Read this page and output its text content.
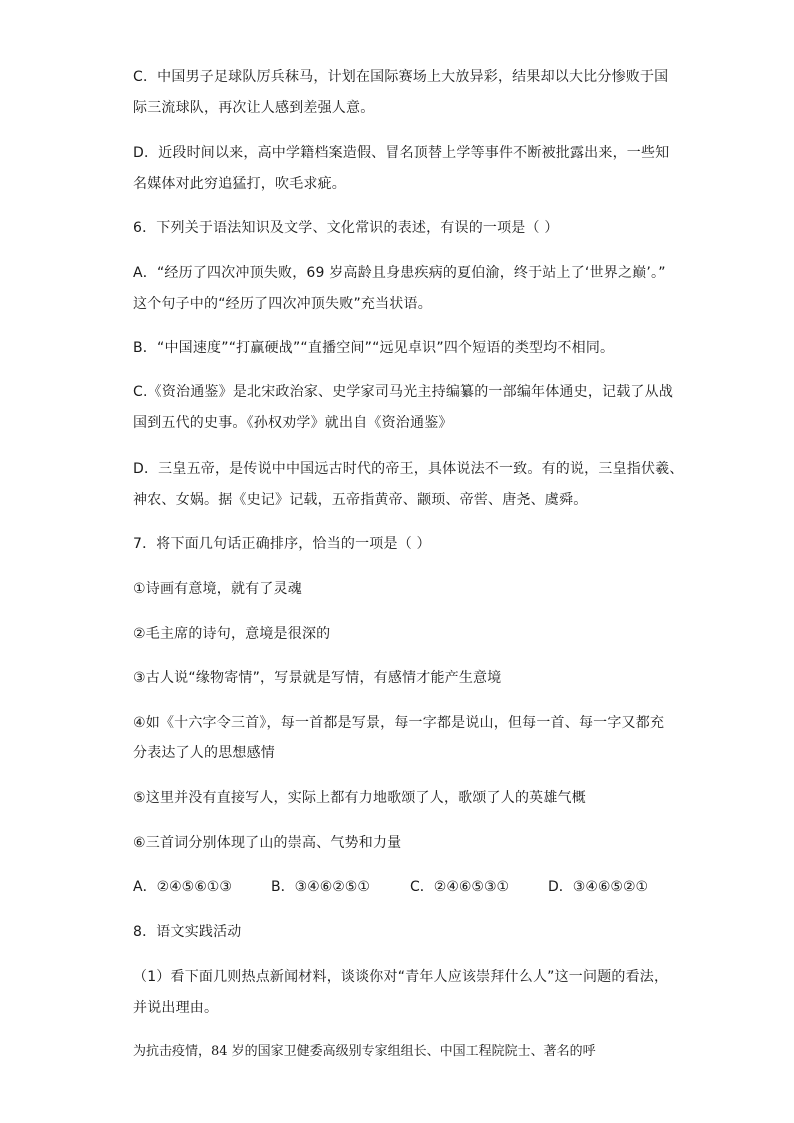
C．中国男子足球队厉兵秣马，计划在国际赛场上大放异彩，结果却以大比分惨败于国
际三流球队，再次让人感到差强人意。
D．近段时间以来，高中学籍档案造假、冒名顶替上学等事件不断被批露出来，一些知
名媒体对此穷追猛打，吹毛求疵。
6．下列关于语法知识及文学、文化常识的表述，有误的一项是（ ）
A．“经历了四次冲顶失败，69 岁高龄且身患疾病的夏伯渝，终于站上了‘世界之巅’。”
这个句子中的“经历了四次冲顶失败”充当状语。
B．“中国速度”“打赢硬战”“直播空间”“远见卓识”四个短语的类型均不相同。
C.《资治通鉴》是北宋政治家、史学家司马光主持编纂的一部编年体通史，记载了从战
国到五代的史事。《孙权劝学》就出自《资治通鉴》
D．三皇五帝，是传说中中国远古时代的帝王，具体说法不一致。有的说，三皇指伏羲、
神农、女娲。据《史记》记载，五帝指黄帝、颛顼、帝喾、唐尧、虞舜。
7．将下面几句话正确排序，恰当的一项是（ ）
①诗画有意境，就有了灵魂
②毛主席的诗句，意境是很深的
③古人说“缘物寄情”，写景就是写情，有感情才能产生意境
④如《十六字令三首》，每一首都是写景，每一字都是说山，但每一首、每一字又都充
分表达了人的思想感情
⑤这里并没有直接写人，实际上都有力地歌颂了人，歌颂了人的英雄气概
⑥三首词分别体现了山的崇高、气势和力量
A．②④⑤⑥①③	B．③④⑥②⑤①	C．②④⑥⑤③①	D．③④⑥⑤②①
8．语文实践活动
（1）看下面几则热点新闻材料，谈谈你对“青年人应该崇拜什么人”这一问题的看法，
并说出理由。
为抗击疫情，84 岁的国家卫健委高级别专家组组长、中国工程院院士、著名的呼
